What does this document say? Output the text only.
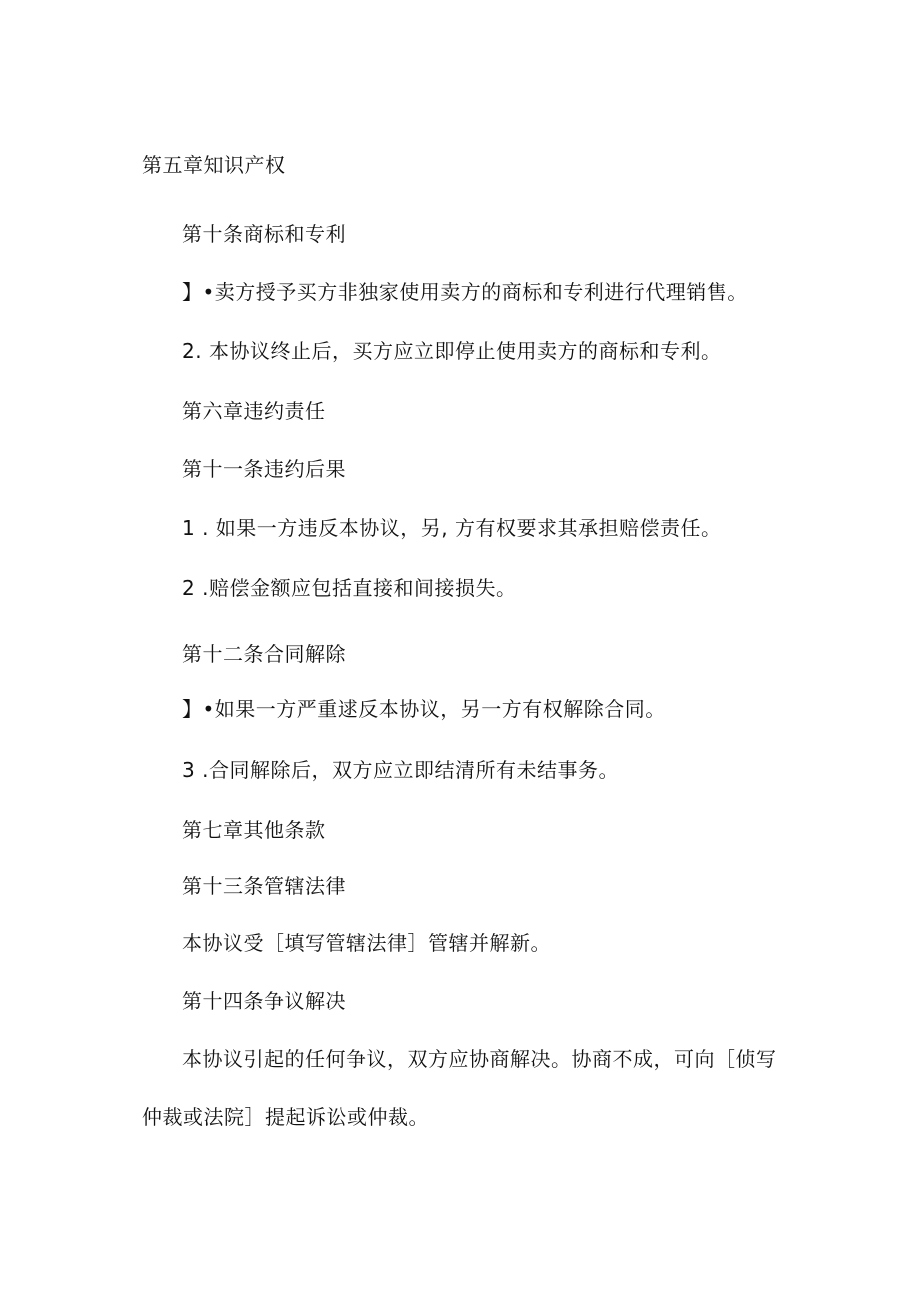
第五章知识产权
第十条商标和专利
】•卖方授予买方非独家使用卖方的商标和专利进行代理销售。
2. 本协议终止后，买方应立即停止使用卖方的商标和专利。
第六章违约责任
第十一条违约后果
1 . 如果一方违反本协议，另, 方有权要求其承担赔偿责任。
2 .赔偿金额应包括直接和间接损失。
第十二条合同解除
】•如果一方严重逑反本协议，另一方有权解除合同。
3 .合同解除后，双方应立即结清所有未结事务。
第七章其他条款
第十三条管辖法律
本协议受［填写管辖法律］管辖并解新。
第十四条争议解决
本协议引起的任何争议，双方应协商解决。协商不成，可向［侦写仲裁或法院］提起诉讼或仲裁。
